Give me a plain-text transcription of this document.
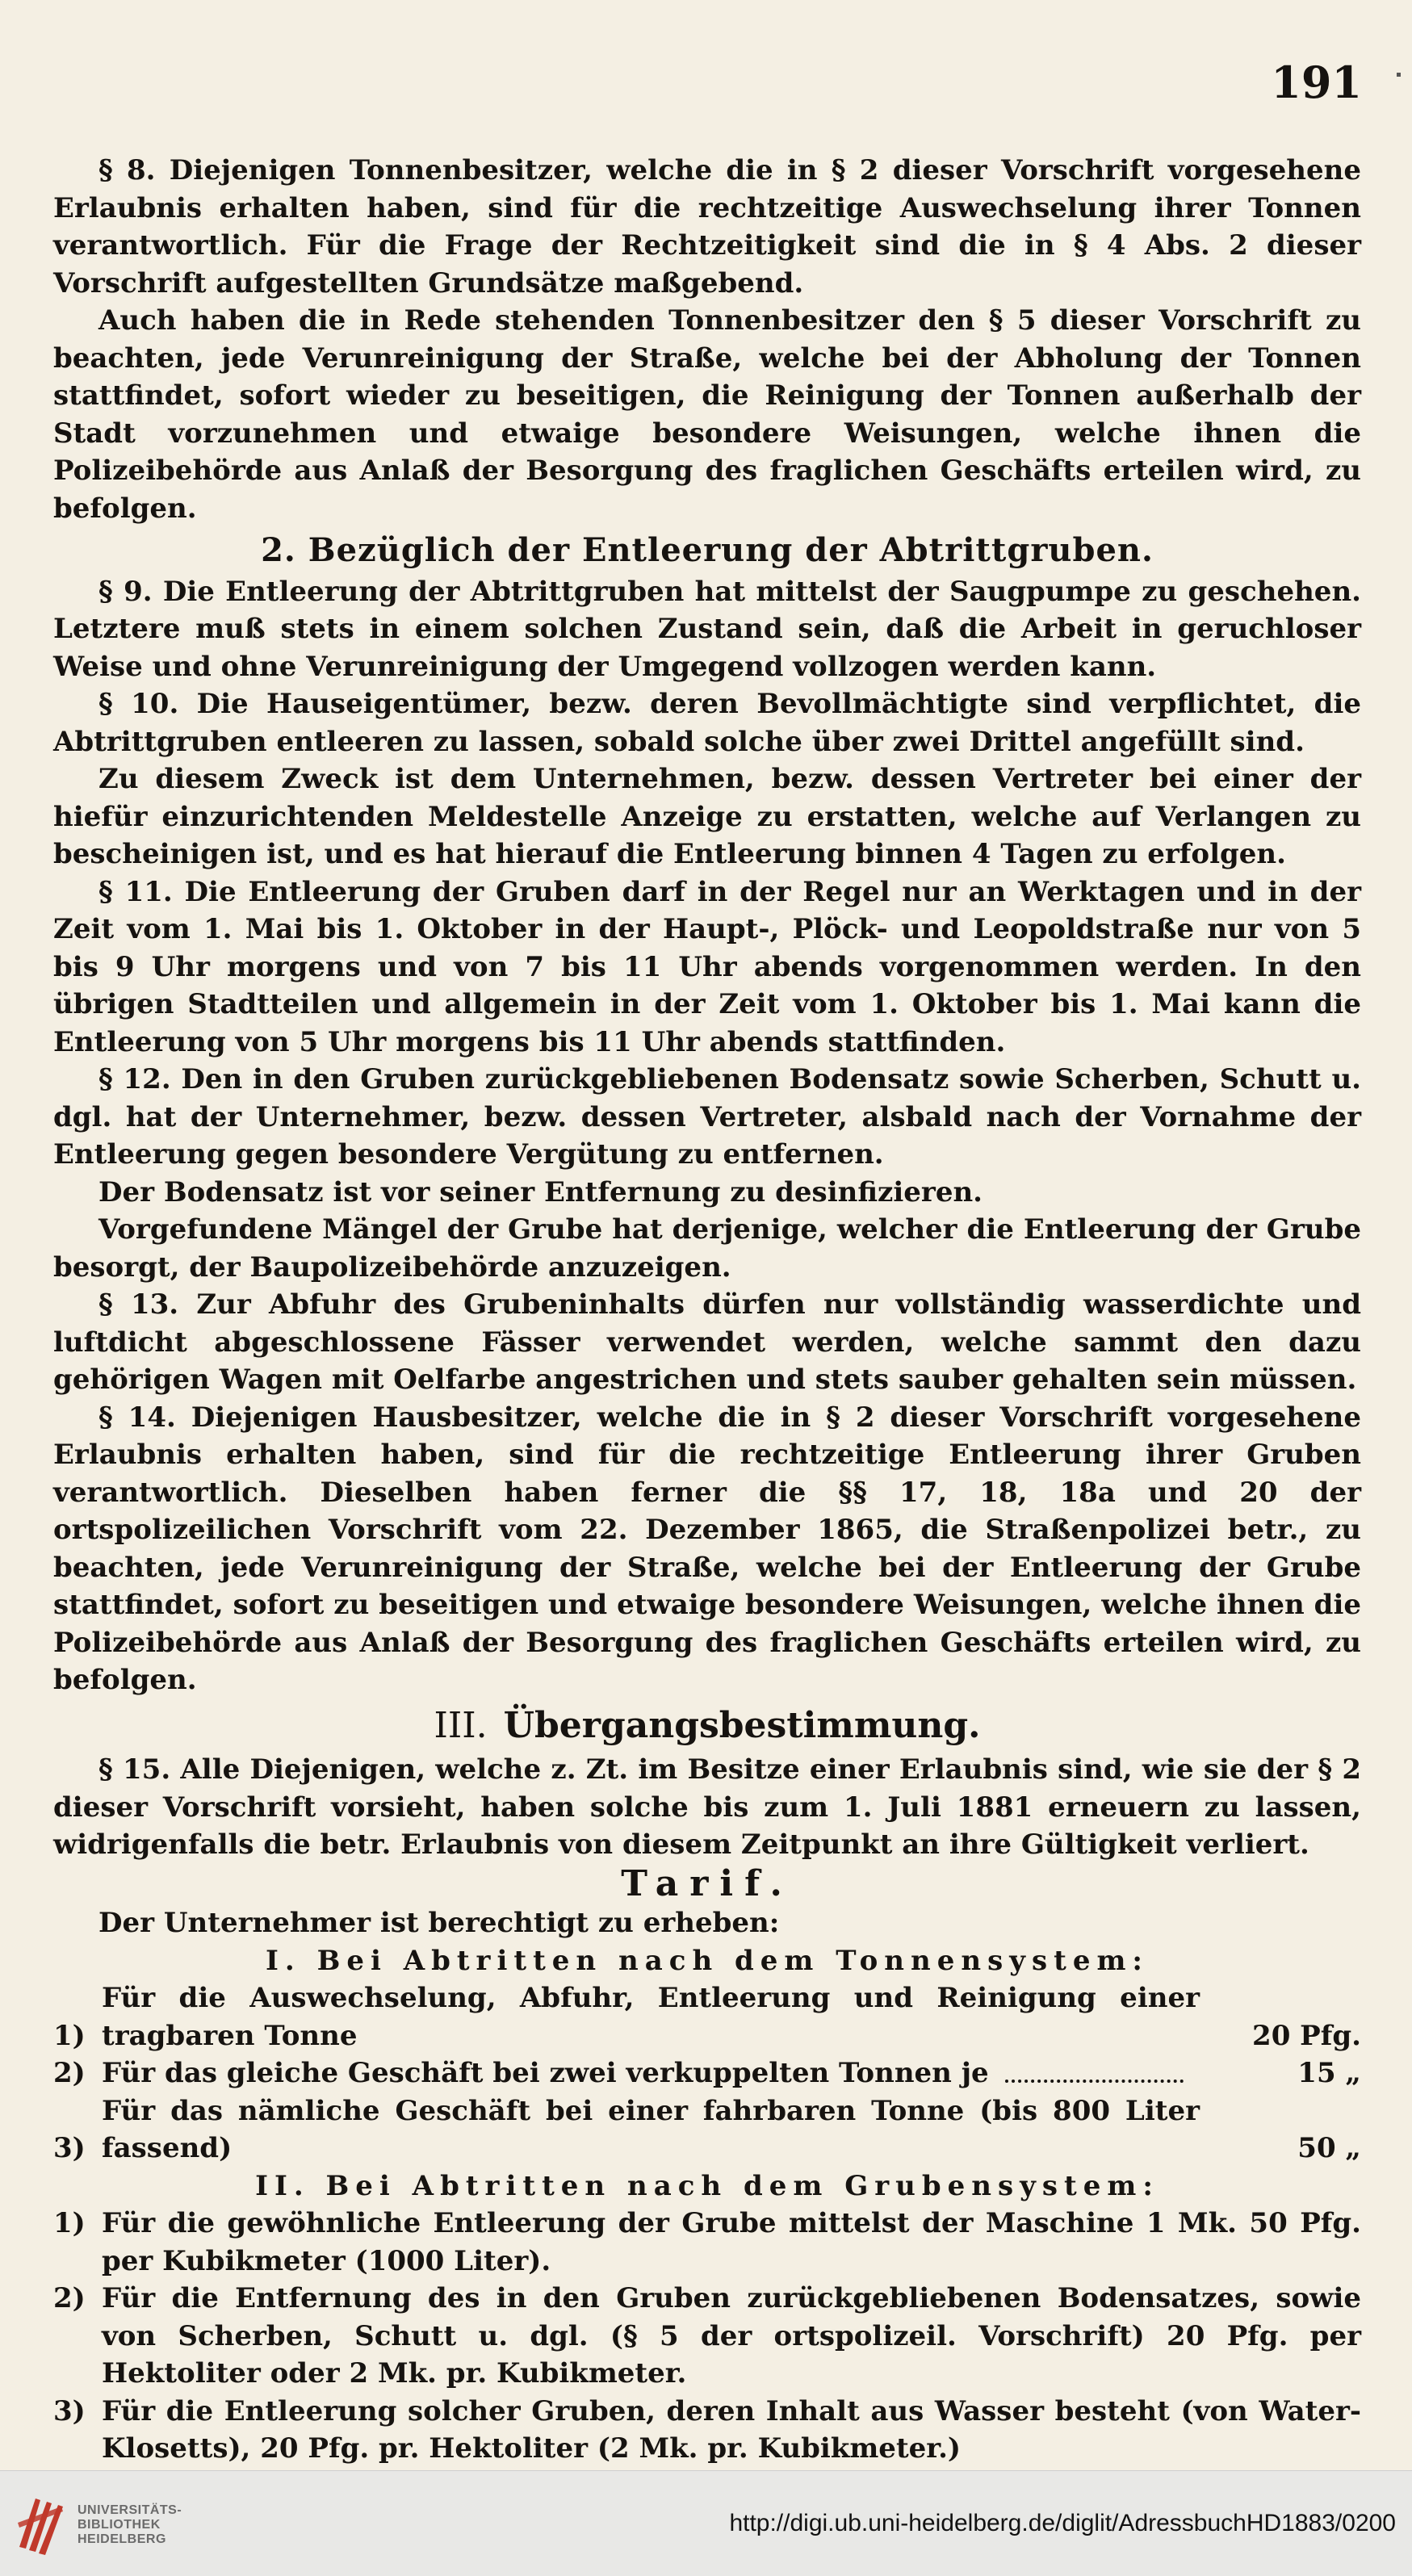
191

§ 8. Diejenigen Tonnenbesitzer, welche die in § 2 dieser Vorschrift vorgesehene Erlaubnis erhalten haben, sind für die rechtzeitige Auswechselung ihrer Tonnen verantwortlich. Für die Frage der Rechtzeitigkeit sind die in § 4 Abs. 2 dieser Vorschrift aufgestellten Grundsätze maßgebend.

Auch haben die in Rede stehenden Tonnenbesitzer den § 5 dieser Vorschrift zu beachten, jede Verunreinigung der Straße, welche bei der Abholung der Tonnen stattfindet, sofort wieder zu beseitigen, die Reinigung der Tonnen außerhalb der Stadt vorzunehmen und etwaige besondere Weisungen, welche ihnen die Polizeibehörde aus Anlaß der Besorgung des fraglichen Geschäfts erteilen wird, zu befolgen.

2. Bezüglich der Entleerung der Abtrittgruben.

§ 9. Die Entleerung der Abtrittgruben hat mittelst der Saugpumpe zu geschehen. Letztere muß stets in einem solchen Zustand sein, daß die Arbeit in geruchloser Weise und ohne Verunreinigung der Umgegend vollzogen werden kann.

§ 10. Die Hauseigentümer, bezw. deren Bevollmächtigte sind verpflichtet, die Abtrittgruben entleeren zu lassen, sobald solche über zwei Drittel angefüllt sind.

Zu diesem Zweck ist dem Unternehmen, bezw. dessen Vertreter bei einer der hiefür einzurichtenden Meldestelle Anzeige zu erstatten, welche auf Verlangen zu bescheinigen ist, und es hat hierauf die Entleerung binnen 4 Tagen zu erfolgen.

§ 11. Die Entleerung der Gruben darf in der Regel nur an Werktagen und in der Zeit vom 1. Mai bis 1. Oktober in der Haupt-, Plöck- und Leopoldstraße nur von 5 bis 9 Uhr morgens und von 7 bis 11 Uhr abends vorgenommen werden. In den übrigen Stadtteilen und allgemein in der Zeit vom 1. Oktober bis 1. Mai kann die Entleerung von 5 Uhr morgens bis 11 Uhr abends stattfinden.

§ 12. Den in den Gruben zurückgebliebenen Bodensatz sowie Scherben, Schutt u. dgl. hat der Unternehmer, bezw. dessen Vertreter, alsbald nach der Vornahme der Entleerung gegen besondere Vergütung zu entfernen.

Der Bodensatz ist vor seiner Entfernung zu desinfizieren.

Vorgefundene Mängel der Grube hat derjenige, welcher die Entleerung der Grube besorgt, der Baupolizeibehörde anzuzeigen.

§ 13. Zur Abfuhr des Grubeninhalts dürfen nur vollständig wasserdichte und luftdicht abgeschlossene Fässer verwendet werden, welche sammt den dazu gehörigen Wagen mit Oelfarbe angestrichen und stets sauber gehalten sein müssen.

§ 14. Diejenigen Hausbesitzer, welche die in § 2 dieser Vorschrift vorgesehene Erlaubnis erhalten haben, sind für die rechtzeitige Entleerung ihrer Gruben verantwortlich. Dieselben haben ferner die §§ 17, 18, 18a und 20 der ortspolizeilichen Vorschrift vom 22. Dezember 1865, die Straßenpolizei betr., zu beachten, jede Verunreinigung der Straße, welche bei der Entleerung der Grube stattfindet, sofort zu beseitigen und etwaige besondere Weisungen, welche ihnen die Polizeibehörde aus Anlaß der Besorgung des fraglichen Geschäfts erteilen wird, zu befolgen.

III. Übergangsbestimmung.

§ 15. Alle Diejenigen, welche z. Zt. im Besitze einer Erlaubnis sind, wie sie der § 2 dieser Vorschrift vorsieht, haben solche bis zum 1. Juli 1881 erneuern zu lassen, widrigenfalls die betr. Erlaubnis von diesem Zeitpunkt an ihre Gültigkeit verliert.

Tarif.

Der Unternehmer ist berechtigt zu erheben:

I. Bei Abtritten nach dem Tonnensystem:
1)
Für die Auswechselung, Abfuhr, Entleerung und Reinigung einer tragbaren Tonne	20 Pfg.
2) Für das gleiche Geschäft bei zwei verkuppelten Tonnen je	15 „
3)
Für das nämliche Geschäft bei einer fahrbaren Tonne (bis 800 Liter fassend)	50 „
II. Bei Abtritten nach dem Grubensystem:
1) Für die gewöhnliche Entleerung der Grube mittelst der Maschine 1 Mk. 50 Pfg. per Kubikmeter (1000 Liter).
2) Für die Entfernung des in den Gruben zurückgebliebenen Bodensatzes, sowie von Scherben, Schutt u. dgl. (§ 5 der ortspolizeil. Vorschrift) 20 Pfg. per Hektoliter oder 2 Mk. pr. Kubikmeter.
3) Für die Entleerung solcher Gruben, deren Inhalt aus Wasser besteht (von Water-Klosetts), 20 Pfg. pr. Hektoliter (2 Mk. pr. Kubikmeter.)
UNIVERSITÄTS-
BIBLIOTHEK
HEIDELBERG
http://digi.ub.uni-heidelberg.de/diglit/AdressbuchHD1883/0200
